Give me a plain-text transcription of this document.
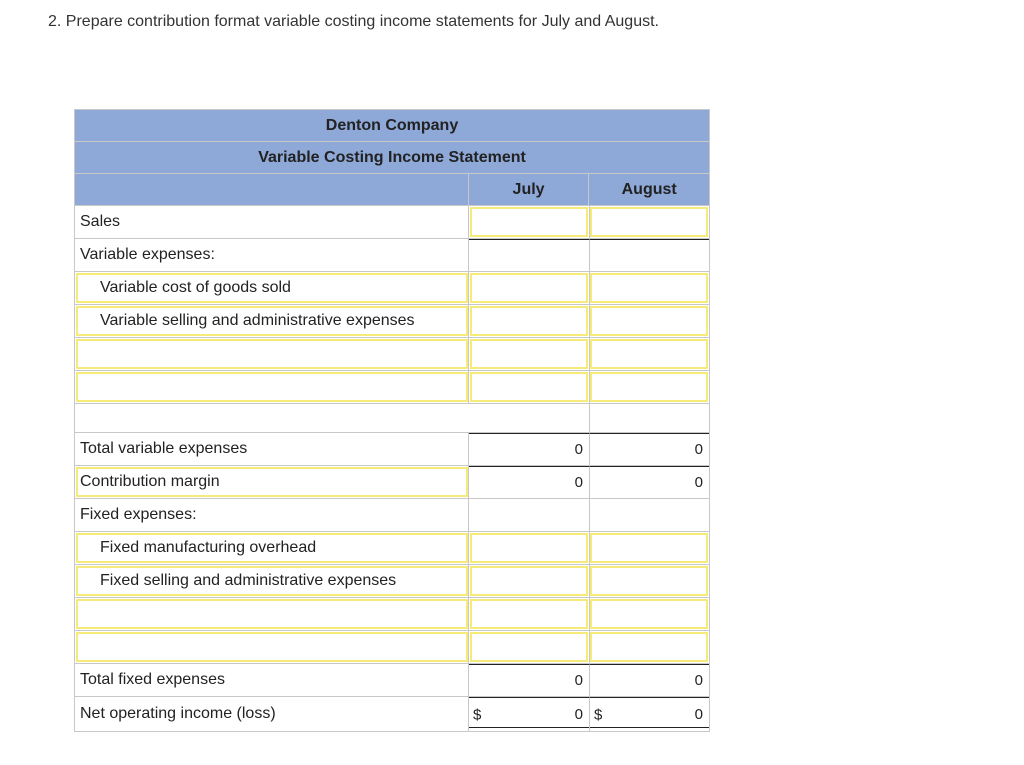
2. Prepare contribution format variable costing income statements for July and August.
Denton Company
Variable Costing Income Statement
July	August
Sales
Variable expenses:
Variable cost of goods sold
Variable selling and administrative expenses
Total variable expenses	0	0
Contribution margin	0	0
Fixed expenses:
Fixed manufacturing overhead
Fixed selling and administrative expenses
Total fixed expenses	0	0
Net operating income (loss)	$	0 $	0
